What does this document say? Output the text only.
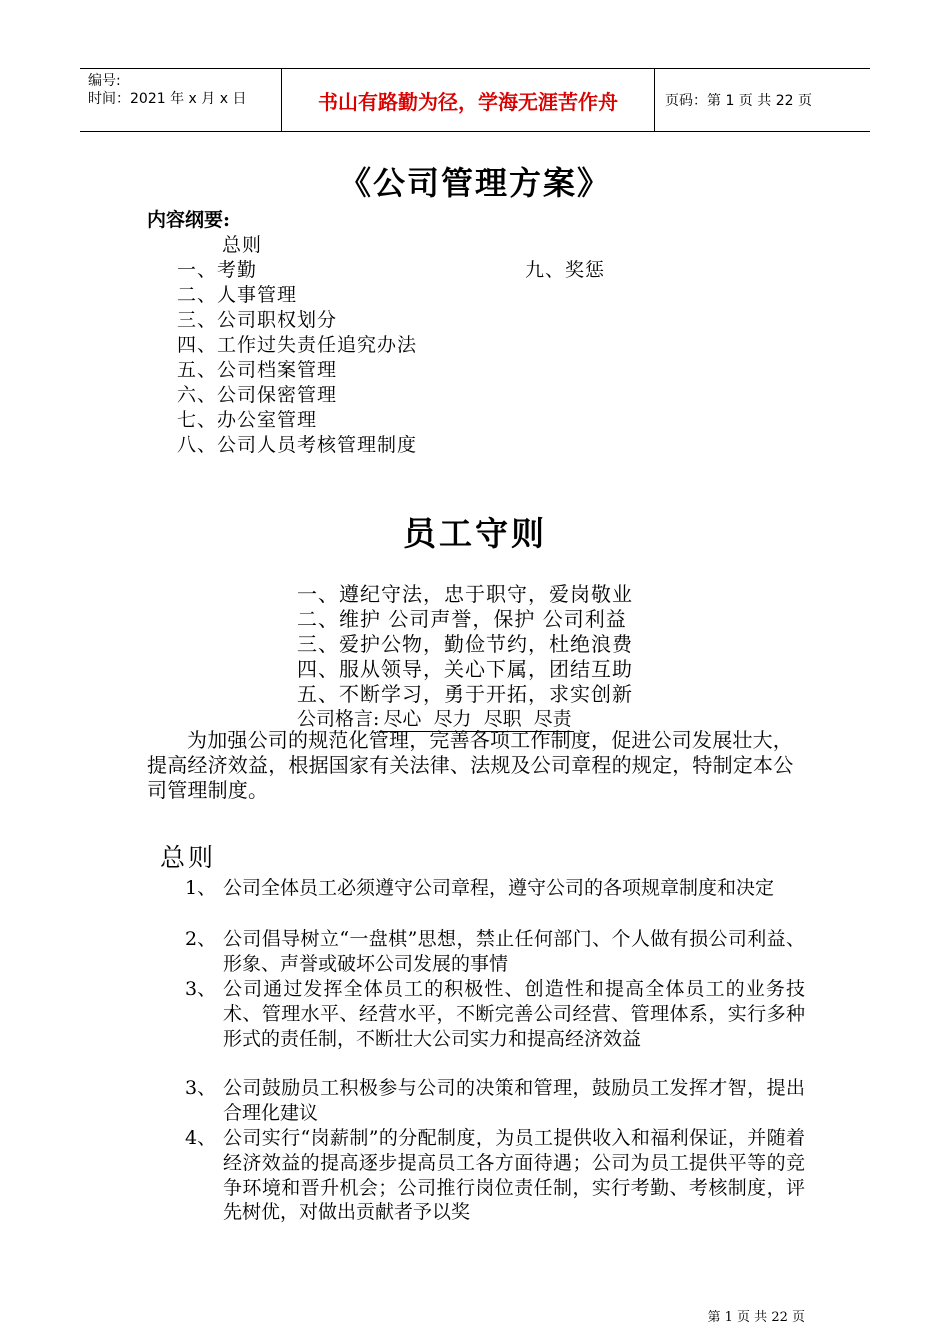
编号:
时间：2021 年 x 月 x 日	书山有路勤为径，学海无涯苦作舟	页码：第 1 页 共 22 页
《公司管理方案》
内容纲要:
总则
一、考勤
二、人事管理
三、公司职权划分
四、工作过失责任追究办法
五、公司档案管理
六、公司保密管理
七、办公室管理
八、公司人员考核管理制度
九、奖惩
员工守则
一、遵纪守法，忠于职守，爱岗敬业
二、维护 公司声誉，保护 公司利益
三、爱护公物，勤俭节约，杜绝浪费
四、服从领导，关心下属，团结互助
五、不断学习，勇于开拓，求实创新
公司格言: 尽心  尽力  尽职  尽责
为加强公司的规范化管理，完善各项工作制度，促进公司发展壮大，提高经济效益，根据国家有关法律、法规及公司章程的规定，特制定本公司管理制度。
总则
1、 公司全体员工必须遵守公司章程，遵守公司的各项规章制度和决定
2、 公司倡导树立“一盘棋”思想，禁止任何部门、个人做有损公司利益、形象、声誉或破坏公司发展的事情
3、 公司通过发挥全体员工的积极性、创造性和提高全体员工的业务技术、管理水平、经营水平，不断完善公司经营、管理体系，实行多种形式的责任制，不断壮大公司实力和提高经济效益
3、 公司鼓励员工积极参与公司的决策和管理，鼓励员工发挥才智，提出合理化建议
4、 公司实行“岗薪制”的分配制度，为员工提供收入和福利保证，并随着经济效益的提高逐步提高员工各方面待遇；公司为员工提供平等的竞争环境和晋升机会；公司推行岗位责任制，实行考勤、考核制度，评先树优，对做出贡献者予以奖
第 1 页 共 22 页
